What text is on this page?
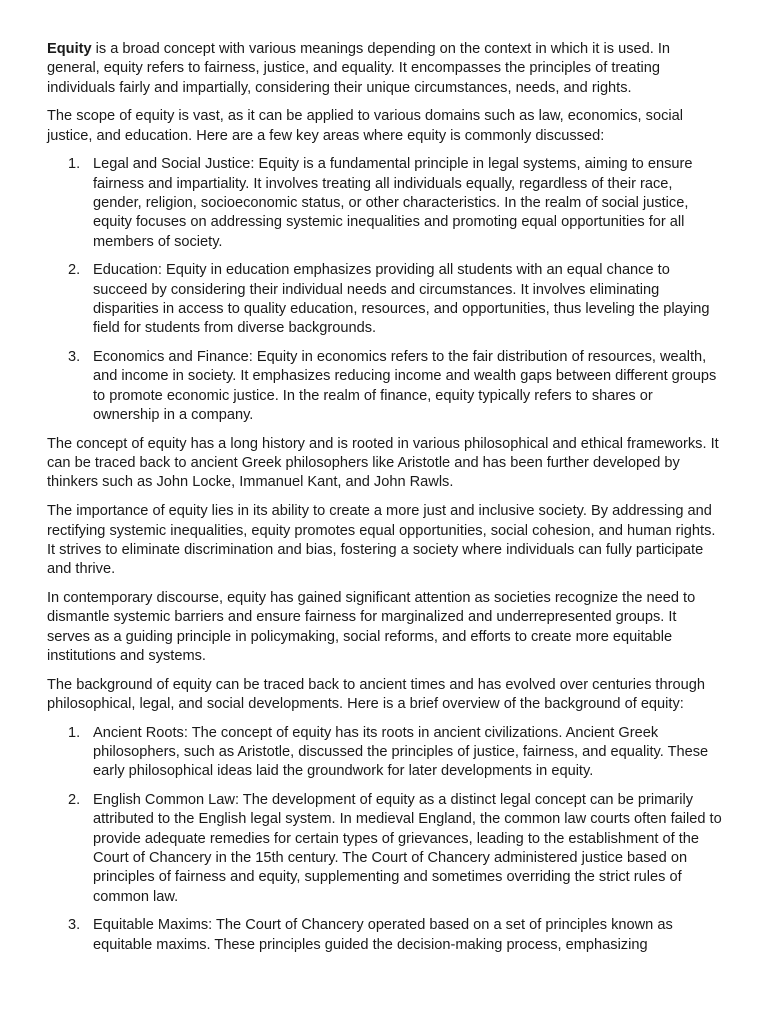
Equity is a broad concept with various meanings depending on the context in which it is used. In general, equity refers to fairness, justice, and equality. It encompasses the principles of treating individuals fairly and impartially, considering their unique circumstances, needs, and rights.

The scope of equity is vast, as it can be applied to various domains such as law, economics, social justice, and education. Here are a few key areas where equity is commonly discussed:

1. Legal and Social Justice: Equity is a fundamental principle in legal systems, aiming to ensure fairness and impartiality. It involves treating all individuals equally, regardless of their race, gender, religion, socioeconomic status, or other characteristics. In the realm of social justice, equity focuses on addressing systemic inequalities and promoting equal opportunities for all members of society.
2. Education: Equity in education emphasizes providing all students with an equal chance to succeed by considering their individual needs and circumstances. It involves eliminating disparities in access to quality education, resources, and opportunities, thus leveling the playing field for students from diverse backgrounds.
3. Economics and Finance: Equity in economics refers to the fair distribution of resources, wealth, and income in society. It emphasizes reducing income and wealth gaps between different groups to promote economic justice. In the realm of finance, equity typically refers to shares or ownership in a company.

The concept of equity has a long history and is rooted in various philosophical and ethical frameworks. It can be traced back to ancient Greek philosophers like Aristotle and has been further developed by thinkers such as John Locke, Immanuel Kant, and John Rawls.

The importance of equity lies in its ability to create a more just and inclusive society. By addressing and rectifying systemic inequalities, equity promotes equal opportunities, social cohesion, and human rights. It strives to eliminate discrimination and bias, fostering a society where individuals can fully participate and thrive.

In contemporary discourse, equity has gained significant attention as societies recognize the need to dismantle systemic barriers and ensure fairness for marginalized and underrepresented groups. It serves as a guiding principle in policymaking, social reforms, and efforts to create more equitable institutions and systems.

The background of equity can be traced back to ancient times and has evolved over centuries through philosophical, legal, and social developments. Here is a brief overview of the background of equity:

1. Ancient Roots: The concept of equity has its roots in ancient civilizations. Ancient Greek philosophers, such as Aristotle, discussed the principles of justice, fairness, and equality. These early philosophical ideas laid the groundwork for later developments in equity.
2. English Common Law: The development of equity as a distinct legal concept can be primarily attributed to the English legal system. In medieval England, the common law courts often failed to provide adequate remedies for certain types of grievances, leading to the establishment of the Court of Chancery in the 15th century. The Court of Chancery administered justice based on principles of fairness and equity, supplementing and sometimes overriding the strict rules of common law.
3. Equitable Maxims: The Court of Chancery operated based on a set of principles known as equitable maxims. These principles guided the decision-making process, emphasizing
